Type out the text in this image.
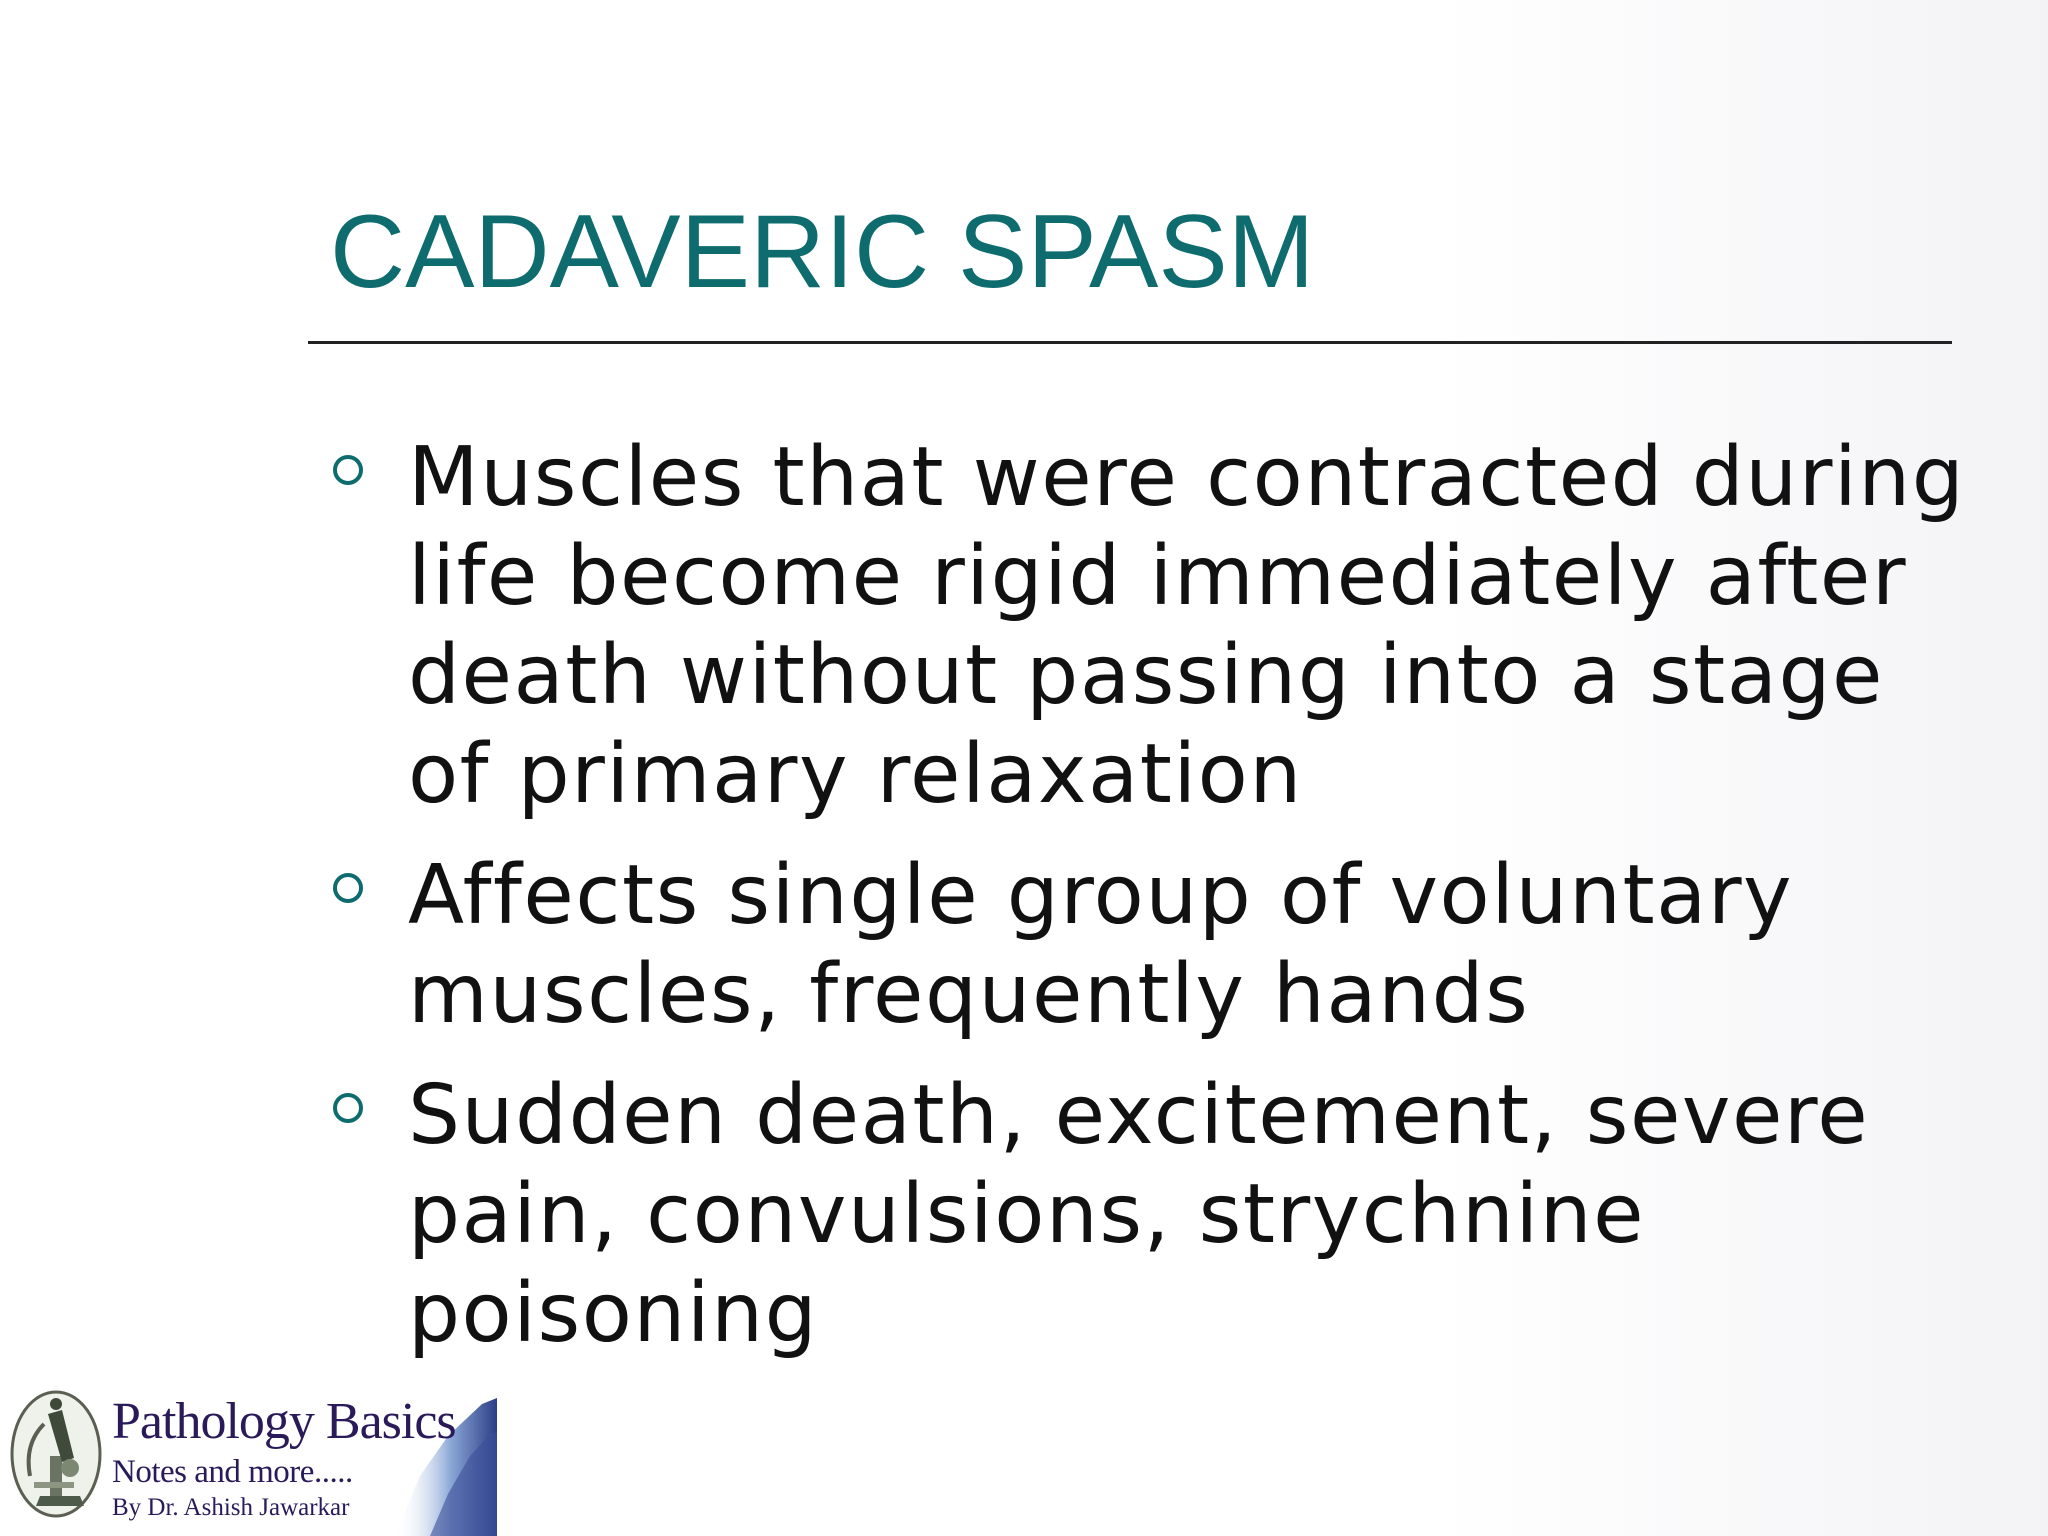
CADAVERIC SPASM
Muscles that were contracted during
life become rigid immediately after
death without passing into a stage
of primary relaxation
Affects single group of voluntary
muscles, frequently hands
Sudden death, excitement, severe
pain, convulsions, strychnine
poisoning
Pathology Basics
Notes and more.....
By Dr. Ashish Jawarkar
